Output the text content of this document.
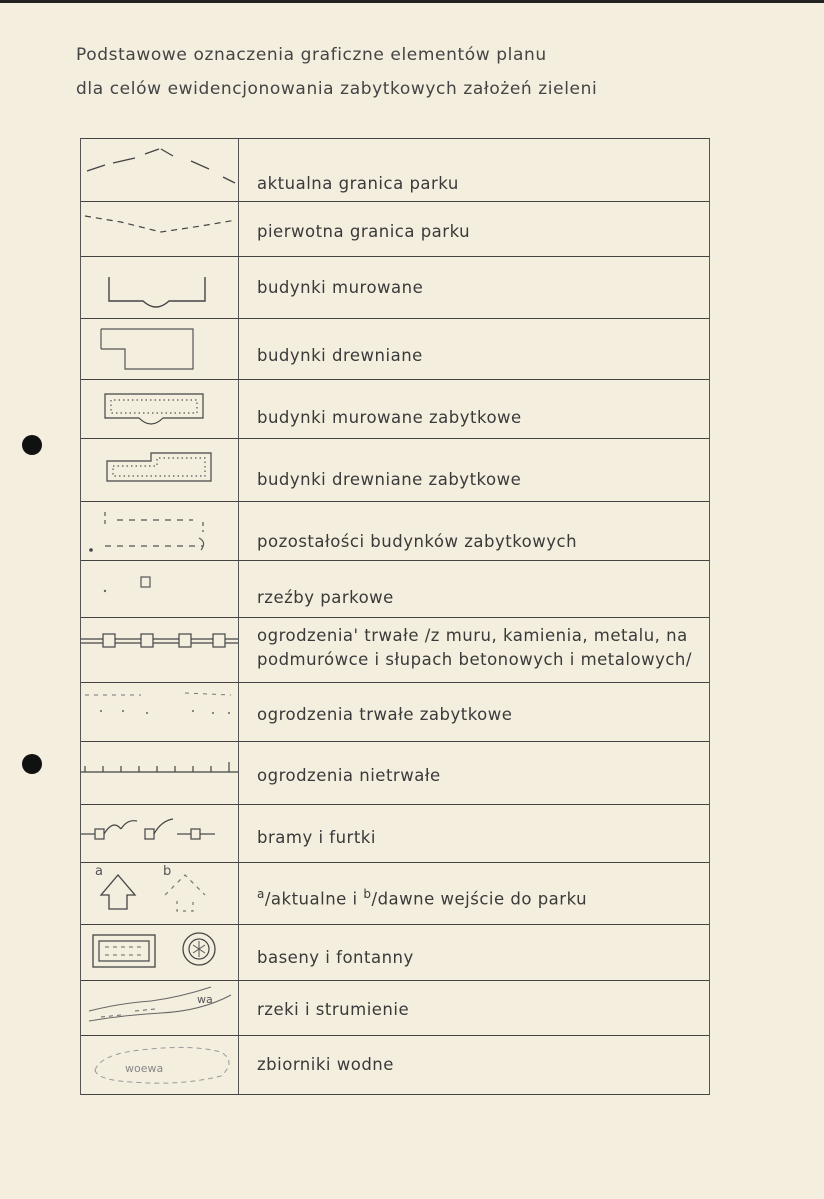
Podstawowe oznaczenia graficzne elementów planu
dla celów ewidencjonowania zabytkowych założeń zieleni
aktualna granica parku
pierwotna granica parku
budynki murowane
budynki drewniane
budynki murowane zabytkowe
budynki drewniane zabytkowe
pozostałości budynków zabytkowych
rzeźby parkowe
ogrodzenia' trwałe /z muru, kamienia, metalu, na
podmurówce i słupach betonowych i metalowych/
ogrodzenia trwałe zabytkowe
ogrodzenia nietrwałe
bramy i furtki
a	b
$^a$/aktualne i $^b$/dawne wejście do parku
baseny i fontanny
wa
rzeki i strumienie
woewa	zbiorniki wodne
